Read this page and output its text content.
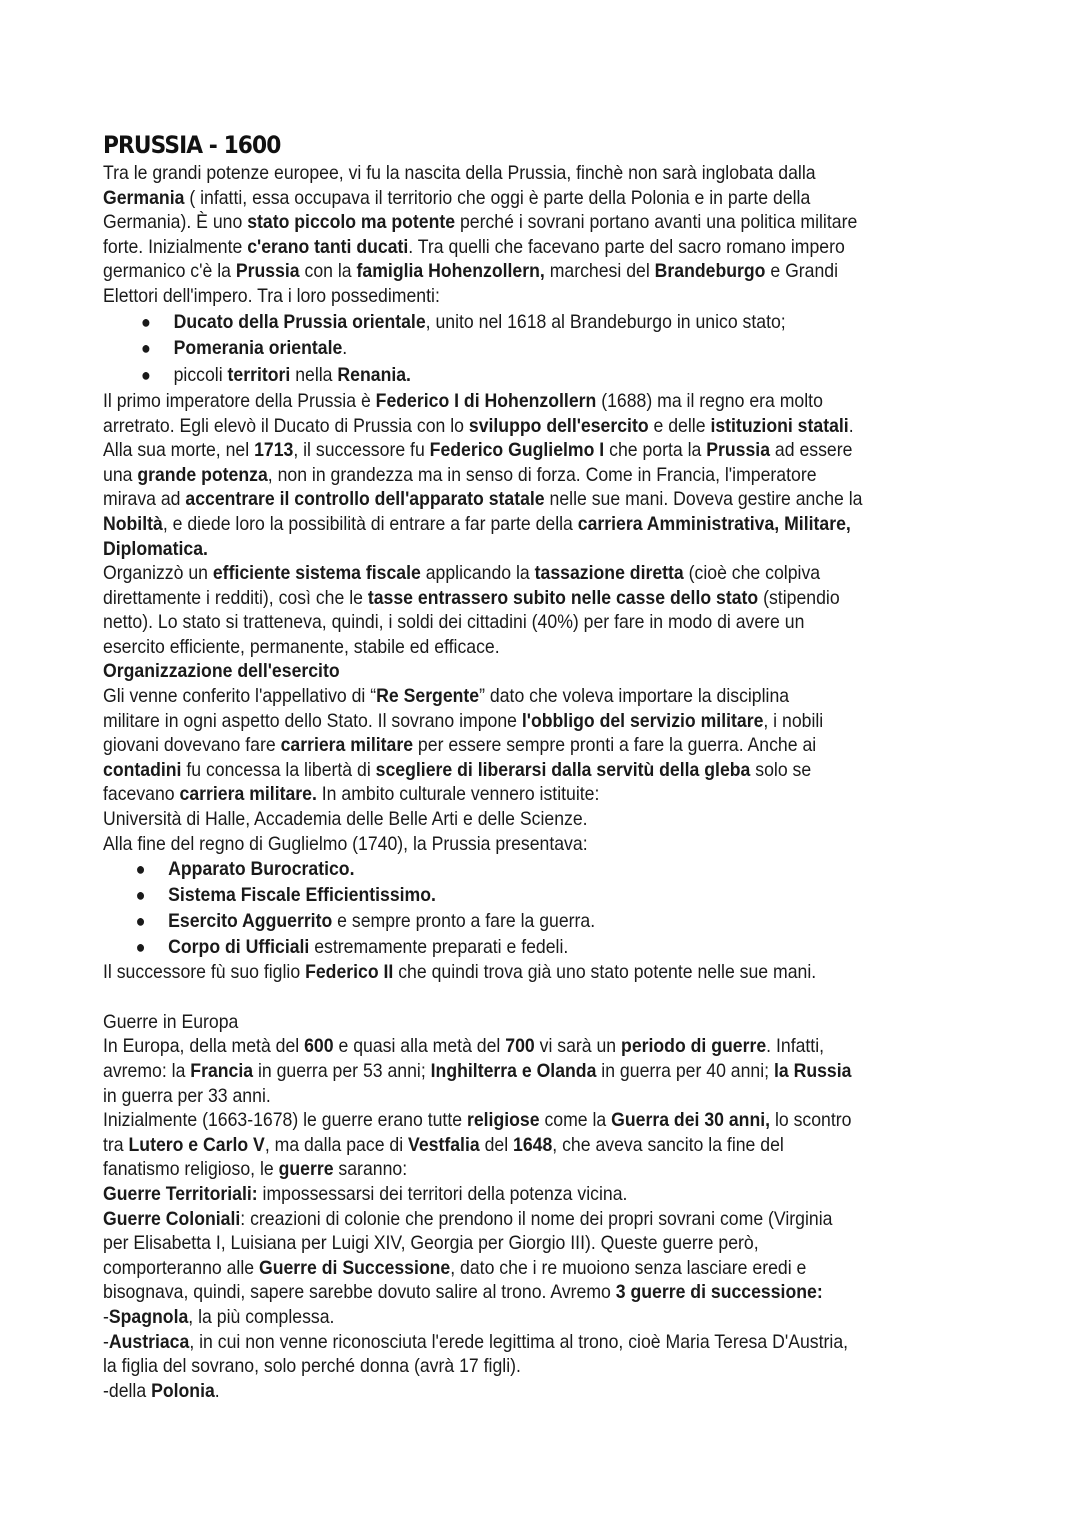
PRUSSIA - 1600
Tra le grandi potenze europee, vi fu la nascita della Prussia, finchè non sarà inglobata dalla
Germania ( infatti, essa occupava il territorio che oggi è parte della Polonia e in parte della
Germania). È uno stato piccolo ma potente perché i sovrani portano avanti una politica militare
forte. Inizialmente c'erano tanti ducati. Tra quelli che facevano parte del sacro romano impero
germanico c'è la Prussia con la famiglia Hohenzollern, marchesi del Brandeburgo e Grandi
Elettori dell'impero. Tra i loro possedimenti:
● Ducato della Prussia orientale, unito nel 1618 al Brandeburgo in unico stato;
● Pomerania orientale.
● piccoli territori nella Renania.
Il primo imperatore della Prussia è Federico I di Hohenzollern (1688) ma il regno era molto
arretrato. Egli elevò il Ducato di Prussia con lo sviluppo dell'esercito e delle istituzioni statali.
Alla sua morte, nel 1713, il successore fu Federico Guglielmo I che porta la Prussia ad essere
una grande potenza, non in grandezza ma in senso di forza. Come in Francia, l'imperatore
mirava ad accentrare il controllo dell'apparato statale nelle sue mani. Doveva gestire anche la
Nobiltà, e diede loro la possibilità di entrare a far parte della carriera Amministrativa, Militare,
Diplomatica.
Organizzò un efficiente sistema fiscale applicando la tassazione diretta (cioè che colpiva
direttamente i redditi), così che le tasse entrassero subito nelle casse dello stato (stipendio
netto). Lo stato si tratteneva, quindi, i soldi dei cittadini (40%) per fare in modo di avere un
esercito efficiente, permanente, stabile ed efficace.
Organizzazione dell'esercito
Gli venne conferito l'appellativo di “Re Sergente” dato che voleva importare la disciplina
militare in ogni aspetto dello Stato. Il sovrano impone l'obbligo del servizio militare, i nobili
giovani dovevano fare carriera militare per essere sempre pronti a fare la guerra. Anche ai
contadini fu concessa la libertà di scegliere di liberarsi dalla servitù della gleba solo se
facevano carriera militare. In ambito culturale vennero istituite:
Università di Halle, Accademia delle Belle Arti e delle Scienze.
Alla fine del regno di Guglielmo (1740), la Prussia presentava:
● Apparato Burocratico.
● Sistema Fiscale Efficientissimo.
● Esercito Agguerrito e sempre pronto a fare la guerra.
● Corpo di Ufficiali estremamente preparati e fedeli.
Il successore fù suo figlio Federico II che quindi trova già uno stato potente nelle sue mani.
Guerre in Europa
In Europa, della metà del 600 e quasi alla metà del 700 vi sarà un periodo di guerre. Infatti,
avremo: la Francia in guerra per 53 anni; Inghilterra e Olanda in guerra per 40 anni; la Russia
in guerra per 33 anni.
Inizialmente (1663-1678) le guerre erano tutte religiose come la Guerra dei 30 anni, lo scontro
tra Lutero e Carlo V, ma dalla pace di Vestfalia del 1648, che aveva sancito la fine del
fanatismo religioso, le guerre saranno:
Guerre Territoriali: impossessarsi dei territori della potenza vicina.
Guerre Coloniali: creazioni di colonie che prendono il nome dei propri sovrani come (Virginia
per Elisabetta I, Luisiana per Luigi XIV, Georgia per Giorgio III). Queste guerre però,
comporteranno alle Guerre di Successione, dato che i re muoiono senza lasciare eredi e
bisognava, quindi, sapere sarebbe dovuto salire al trono. Avremo 3 guerre di successione:
-Spagnola, la più complessa.
-Austriaca, in cui non venne riconosciuta l'erede legittima al trono, cioè Maria Teresa D'Austria,
la figlia del sovrano, solo perché donna (avrà 17 figli).
-della Polonia.
